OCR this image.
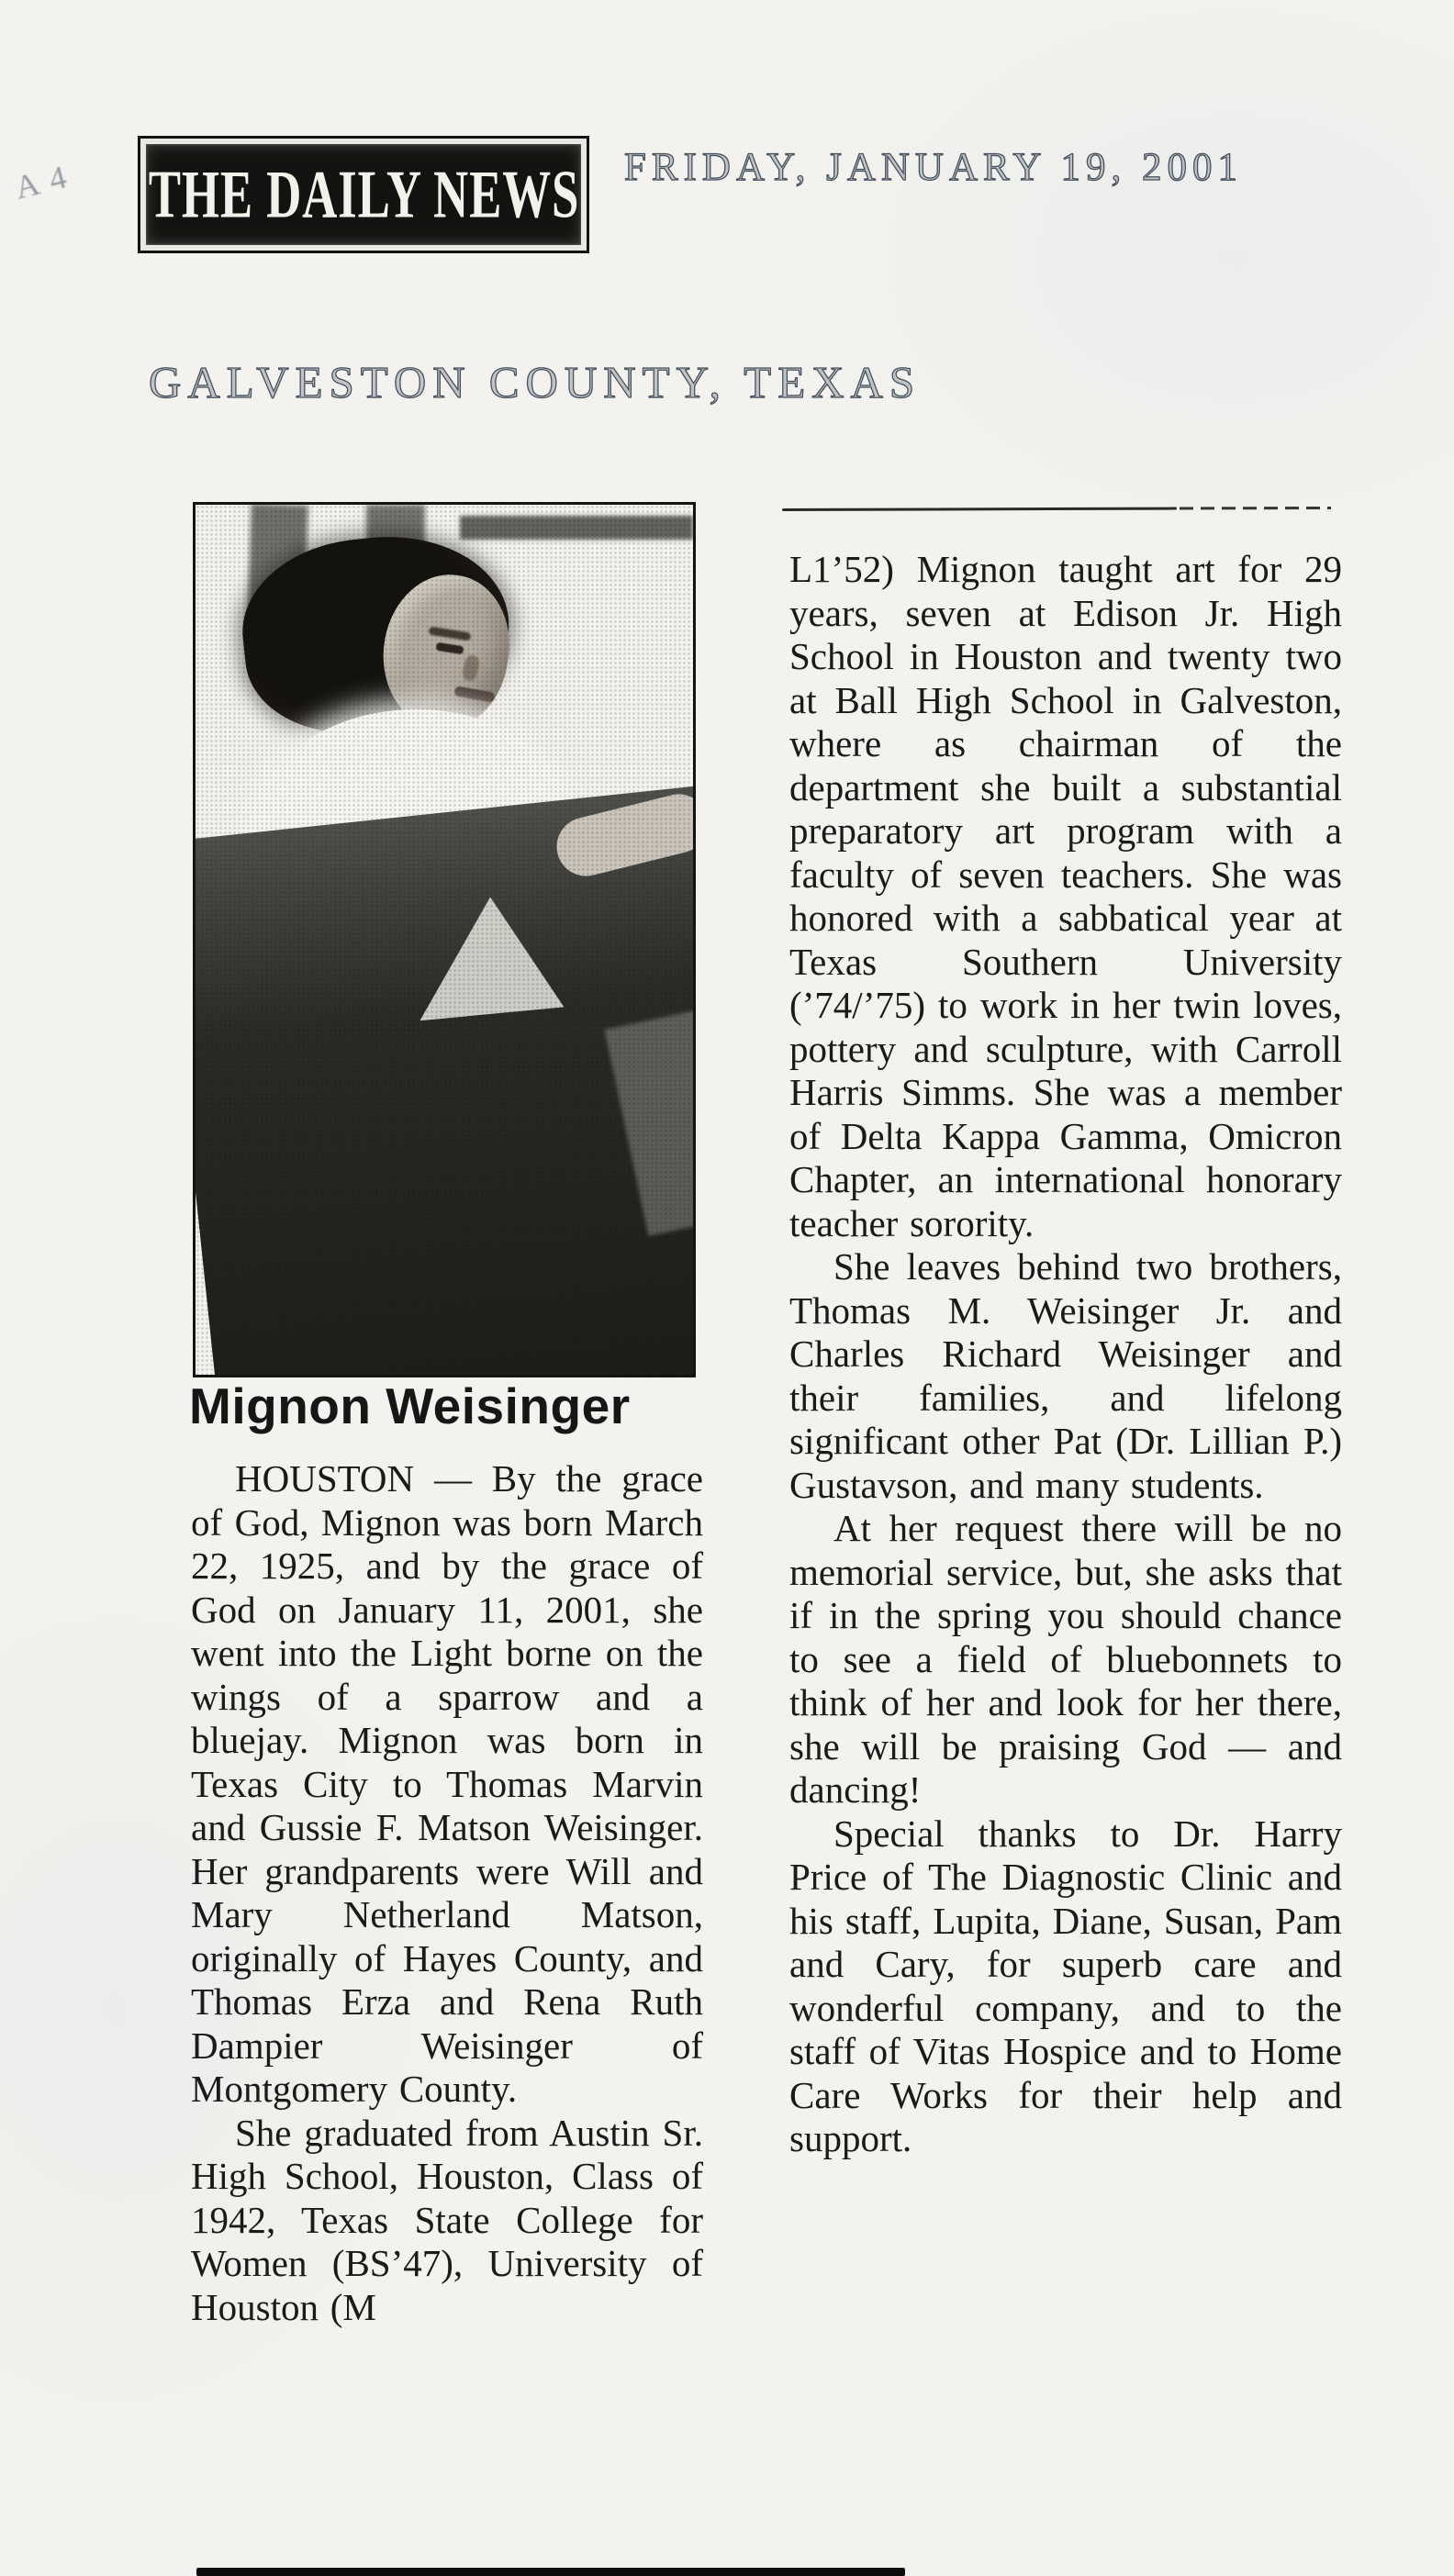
A4 THE DAILY NEWS FRIDAY, JANUARY 19, 2001
GALVESTON COUNTY, TEXAS
Mignon Weisinger

HOUSTON — By the grace of God, Mignon was born March 22, 1925, and by the grace of God on January 11, 2001, she went into the Light borne on the wings of a sparrow and a bluejay. Mignon was born in Texas City to Thomas Marvin and Gussie F. Matson Weisinger. Her grandparents were Will and Mary Netherland Matson, originally of Hayes County, and Thomas Erza and Rena Ruth Dampier Weisinger of Montgomery County.

She graduated from Austin Sr. High School, Houston, Class of 1942, Texas State College for Women (BS’47), University of Houston (M

L1’52) Mignon taught art for 29 years, seven at Edison Jr. High School in Houston and twenty two at Ball High School in Galveston, where as chairman of the department she built a substantial preparatory art program with a faculty of seven teachers. She was honored with a sabbatical year at Texas Southern University (’74/’75) to work in her twin loves, pottery and sculpture, with Carroll Harris Simms. She was a member of Delta Kappa Gamma, Omicron Chapter, an international honorary teacher sorority.

She leaves behind two brothers, Thomas M. Weisinger Jr. and Charles Richard Weisinger and their families, and lifelong significant other Pat (Dr. Lillian P.) Gustavson, and many students.

At her request there will be no memorial service, but, she asks that if in the spring you should chance to see a field of bluebonnets to think of her and look for her there, she will be praising God — and dancing!

Special thanks to Dr. Harry Price of The Diagnostic Clinic and his staff, Lupita, Diane, Susan, Pam and Cary, for superb care and wonderful company, and to the staff of Vitas Hospice and to Home Care Works for their help and support.
